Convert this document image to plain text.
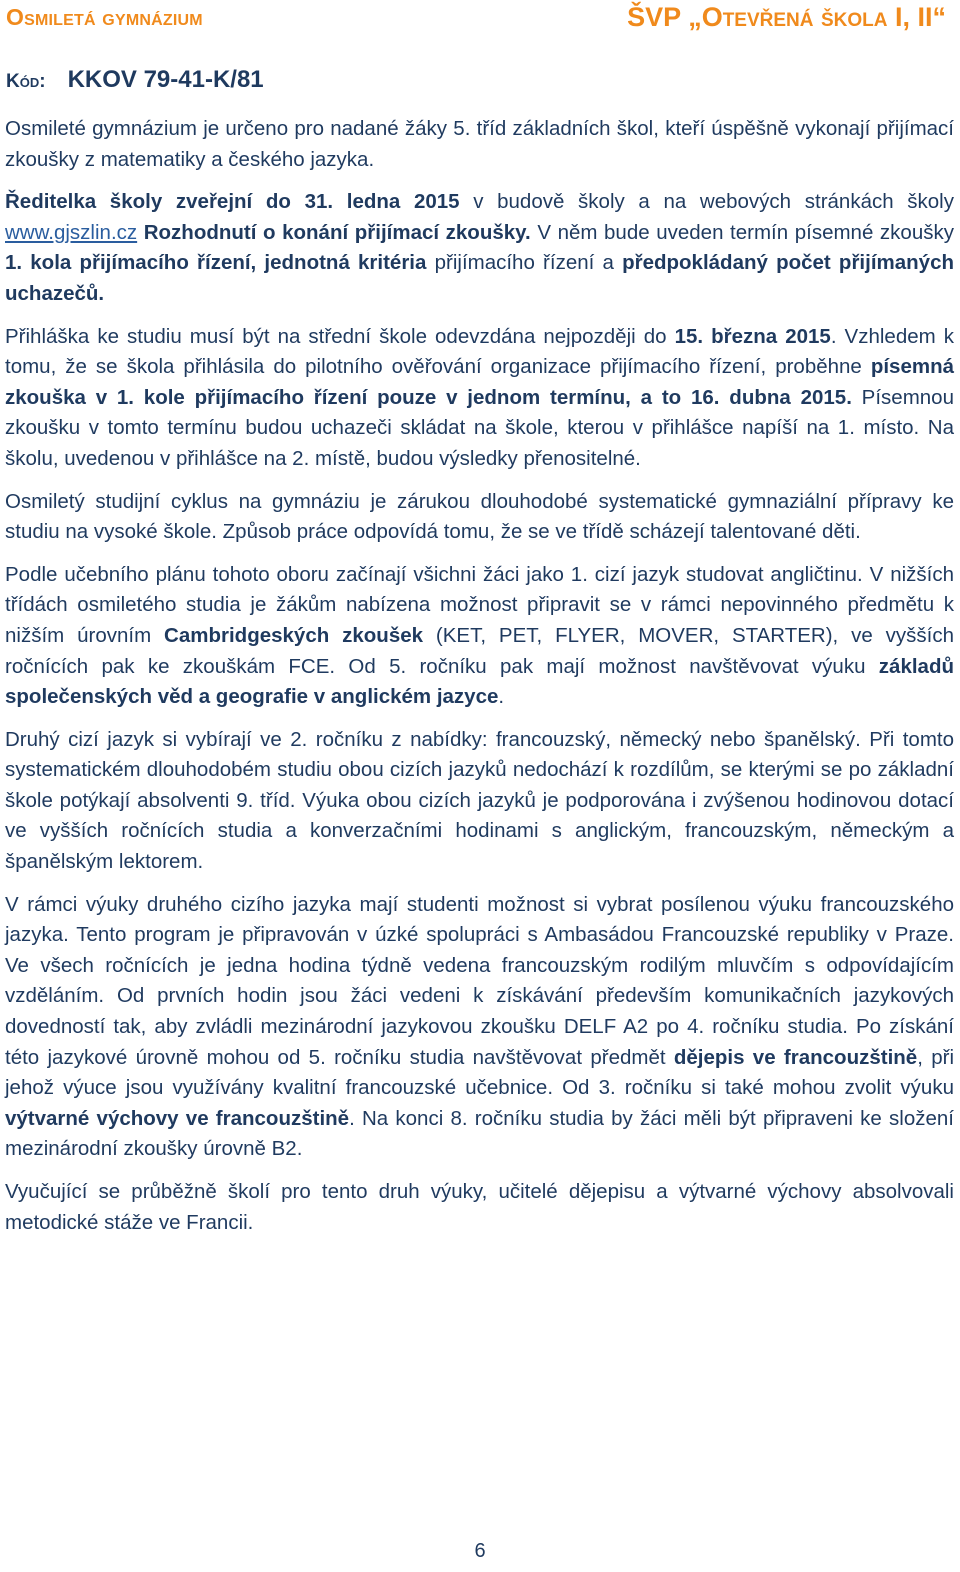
Osmiletá gymnázium	ŠVP „Otevřená škola I, II“
Kód: KKOV 79-41-K/81

Osmileté gymnázium je určeno pro nadané žáky 5. tříd základních škol, kteří úspěšně vykonají přijímací zkoušky z matematiky a českého jazyka.

Ředitelka školy zveřejní do 31. ledna 2015 v budově školy a na webových stránkách školy www.gjszlin.cz Rozhodnutí o konání přijímací zkoušky. V něm bude uveden termín písemné zkoušky 1. kola přijímacího řízení, jednotná kritéria přijímacího řízení a předpokládaný počet přijímaných uchazečů.

Přihláška ke studiu musí být na střední škole odevzdána nejpozději do 15. března 2015. Vzhledem k tomu, že se škola přihlásila do pilotního ověřování organizace přijímacího řízení, proběhne písemná zkouška v 1. kole přijímacího řízení pouze v jednom termínu, a to 16. dubna 2015. Písemnou zkoušku v tomto termínu budou uchazeči skládat na škole, kterou v přihlášce napíší na 1. místo. Na školu, uvedenou v přihlášce na 2. místě, budou výsledky přenositelné.

Osmiletý studijní cyklus na gymnáziu je zárukou dlouhodobé systematické gymnaziální přípravy ke studiu na vysoké škole. Způsob práce odpovídá tomu, že se ve třídě scházejí talentované děti.

Podle učebního plánu tohoto oboru začínají všichni žáci jako 1. cizí jazyk studovat angličtinu. V nižších třídách osmiletého studia je žákům nabízena možnost připravit se v rámci nepovinného předmětu k nižším úrovním Cambridgeských zkoušek (KET, PET, FLYER, MOVER, STARTER), ve vyšších ročnících pak ke zkouškám FCE. Od 5. ročníku pak mají možnost navštěvovat výuku základů společenských věd a geografie v anglickém jazyce.

Druhý cizí jazyk si vybírají ve 2. ročníku z nabídky: francouzský, německý nebo španělský. Při tomto systematickém dlouhodobém studiu obou cizích jazyků nedochází k rozdílům, se kterými se po základní škole potýkají absolventi 9. tříd. Výuka obou cizích jazyků je podporována i zvýšenou hodinovou dotací ve vyšších ročnících studia a konverzačními hodinami s anglickým, francouzským, německým a španělským lektorem.

V rámci výuky druhého cizího jazyka mají studenti možnost si vybrat posílenou výuku francouzského jazyka. Tento program je připravován v úzké spolupráci s Ambasádou Francouzské republiky v Praze. Ve všech ročnících je jedna hodina týdně vedena francouzským rodilým mluvčím s odpovídajícím vzděláním. Od prvních hodin jsou žáci vedeni k získávání především komunikačních jazykových dovedností tak, aby zvládli mezinárodní jazykovou zkoušku DELF A2 po 4. ročníku studia. Po získání této jazykové úrovně mohou od 5. ročníku studia navštěvovat předmět dějepis ve francouzštině, při jehož výuce jsou využívány kvalitní francouzské učebnice. Od 3. ročníku si také mohou zvolit výuku výtvarné výchovy ve francouzštině. Na konci 8. ročníku studia by žáci měli být připraveni ke složení mezinárodní zkoušky úrovně B2.

Vyučující se průběžně školí pro tento druh výuky, učitelé dějepisu a výtvarné výchovy absolvovali metodické stáže ve Francii.

6
